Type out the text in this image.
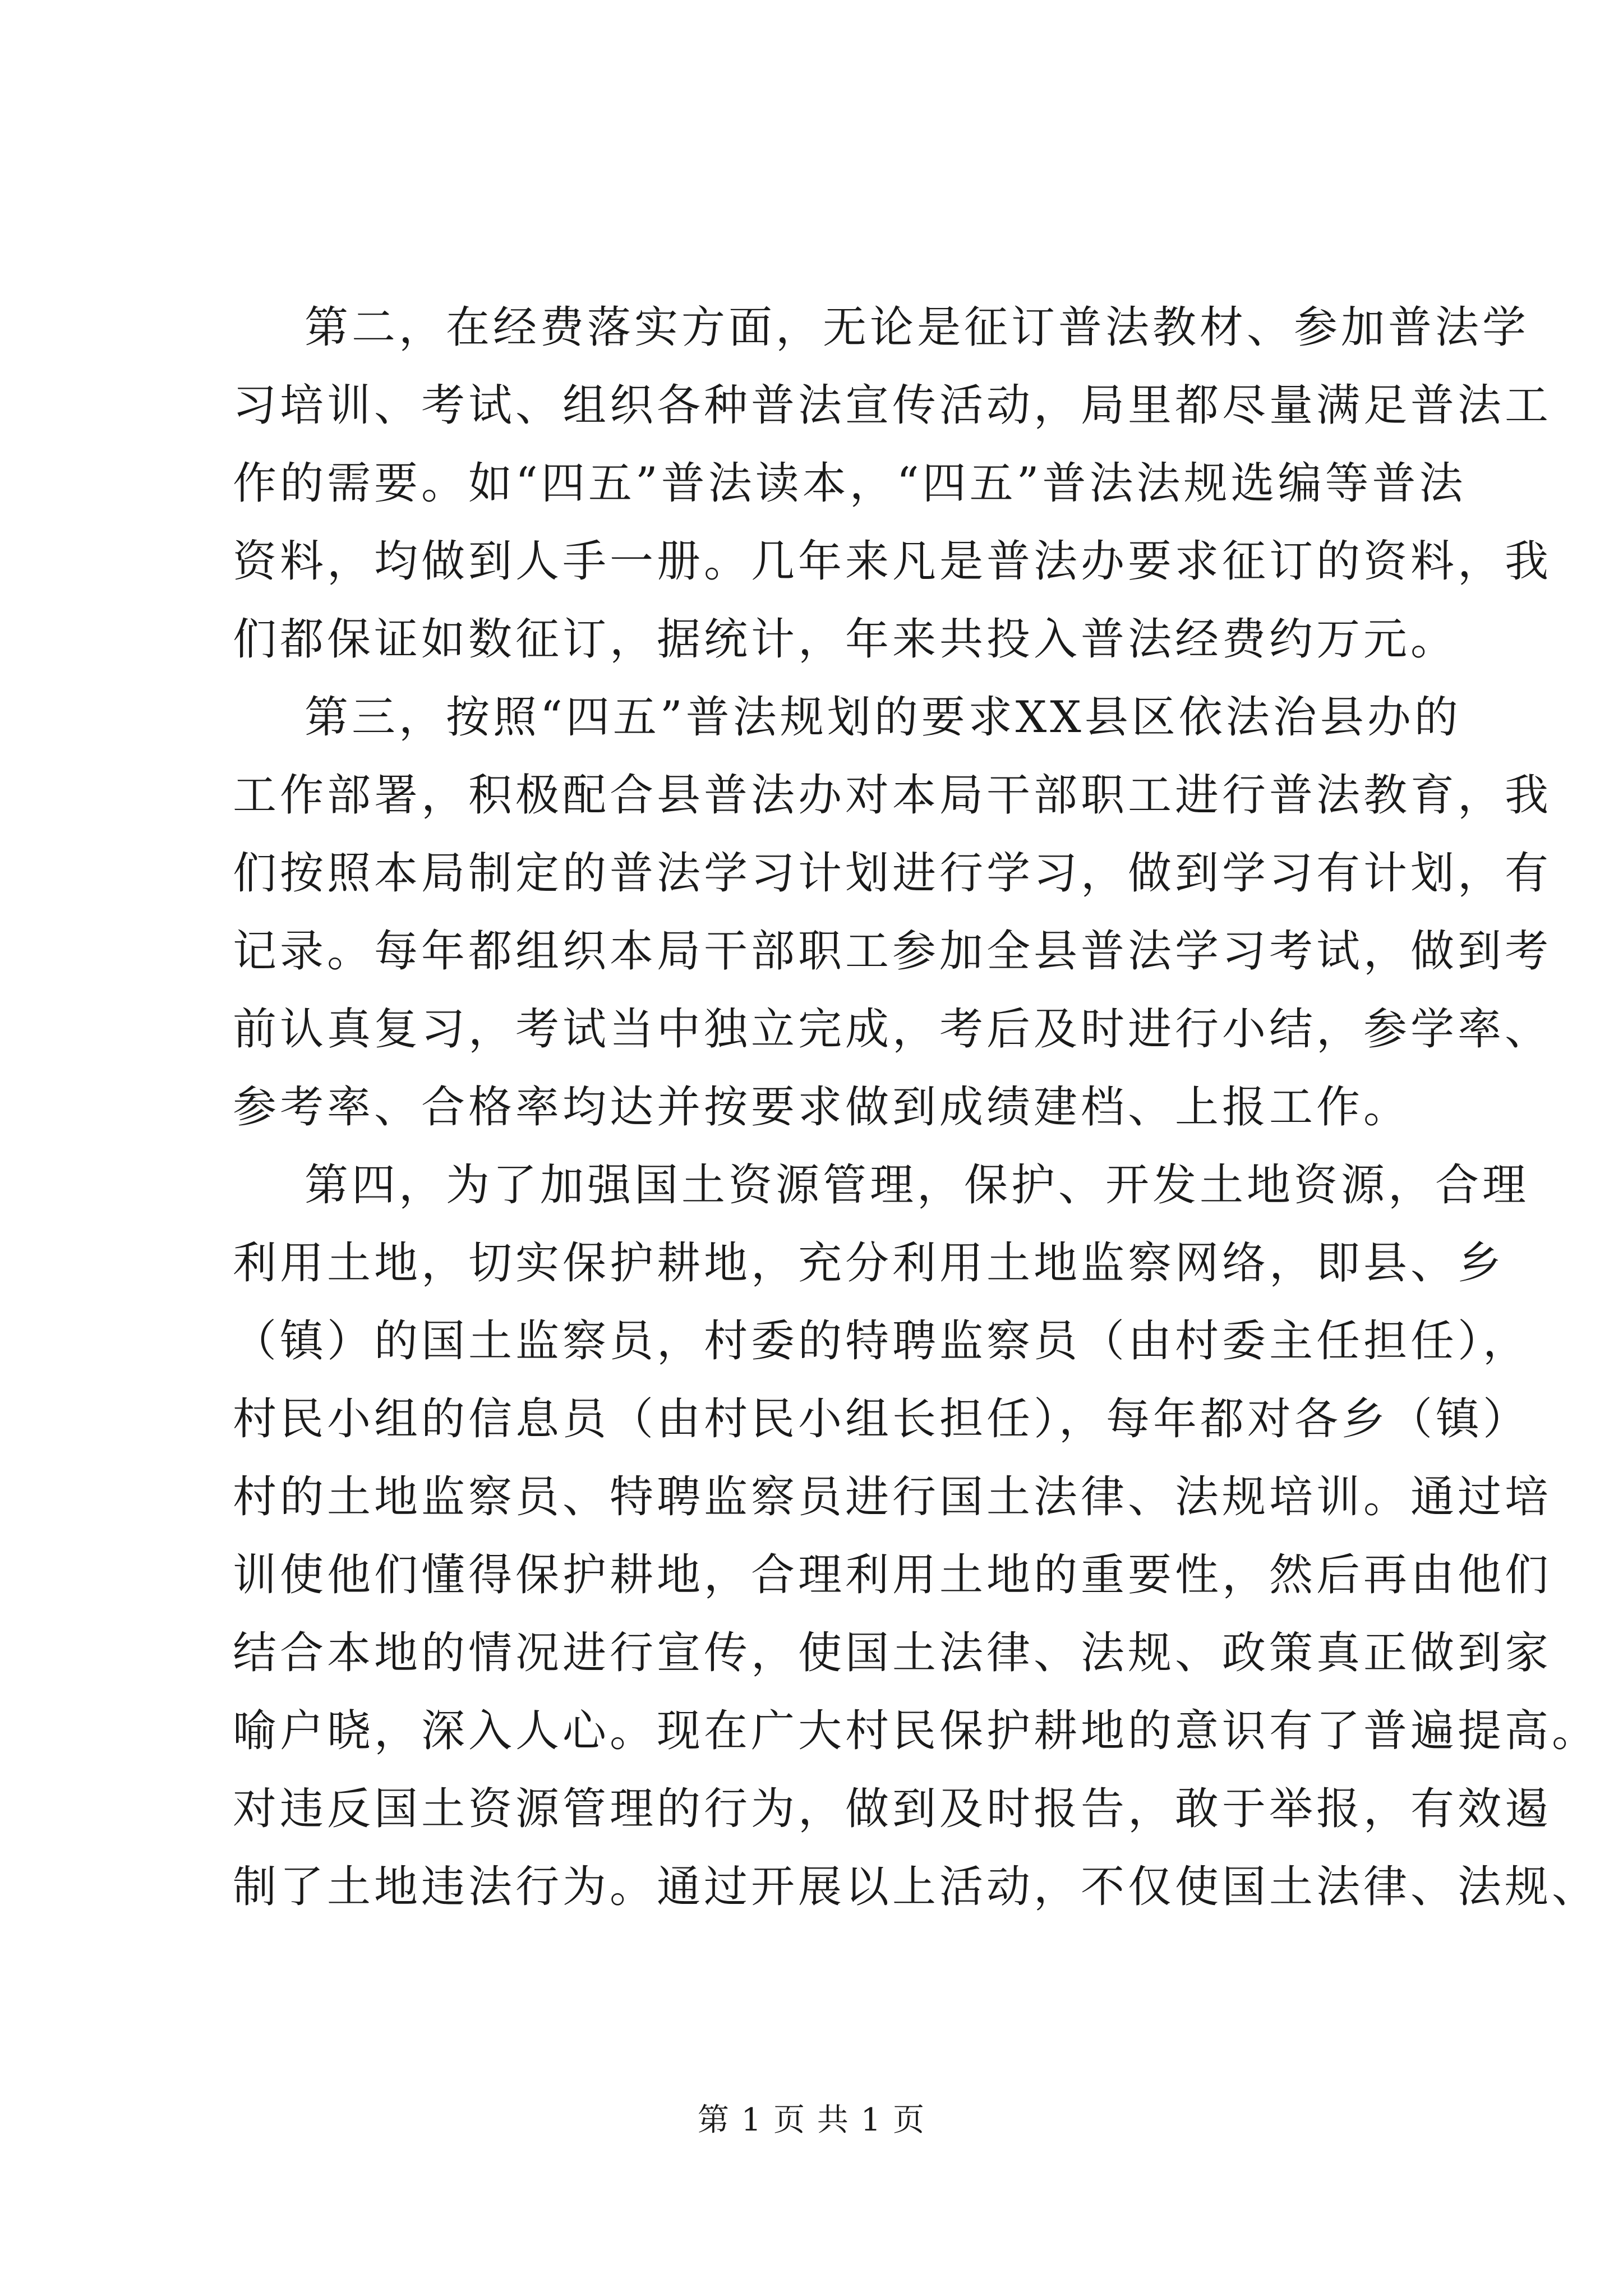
第二，在经费落实方面，无论是征订普法教材、参加普法学
习培训、考试、组织各种普法宣传活动，局里都尽量满足普法工
作的需要。如“四五”普法读本，“四五”普法法规选编等普法
资料，均做到人手一册。几年来凡是普法办要求征订的资料，我
们都保证如数征订，据统计，年来共投入普法经费约万元。
第三，按照“四五”普法规划的要求XX县区依法治县办的
工作部署，积极配合县普法办对本局干部职工进行普法教育，我
们按照本局制定的普法学习计划进行学习，做到学习有计划，有
记录。每年都组织本局干部职工参加全县普法学习考试，做到考
前认真复习，考试当中独立完成，考后及时进行小结，参学率、
参考率、合格率均达并按要求做到成绩建档、上报工作。
第四，为了加强国土资源管理，保护、开发土地资源，合理
利用土地，切实保护耕地，充分利用土地监察网络，即县、乡
（镇）的国土监察员，村委的特聘监察员（由村委主任担任），
村民小组的信息员（由村民小组长担任），每年都对各乡（镇）
村的土地监察员、特聘监察员进行国土法律、法规培训。通过培
训使他们懂得保护耕地，合理利用土地的重要性，然后再由他们
结合本地的情况进行宣传，使国土法律、法规、政策真正做到家
喻户晓，深入人心。现在广大村民保护耕地的意识有了普遍提高。
对违反国土资源管理的行为，做到及时报告，敢于举报，有效遏
制了土地违法行为。通过开展以上活动，不仅使国土法律、法规、
第 1 页 共 1 页
